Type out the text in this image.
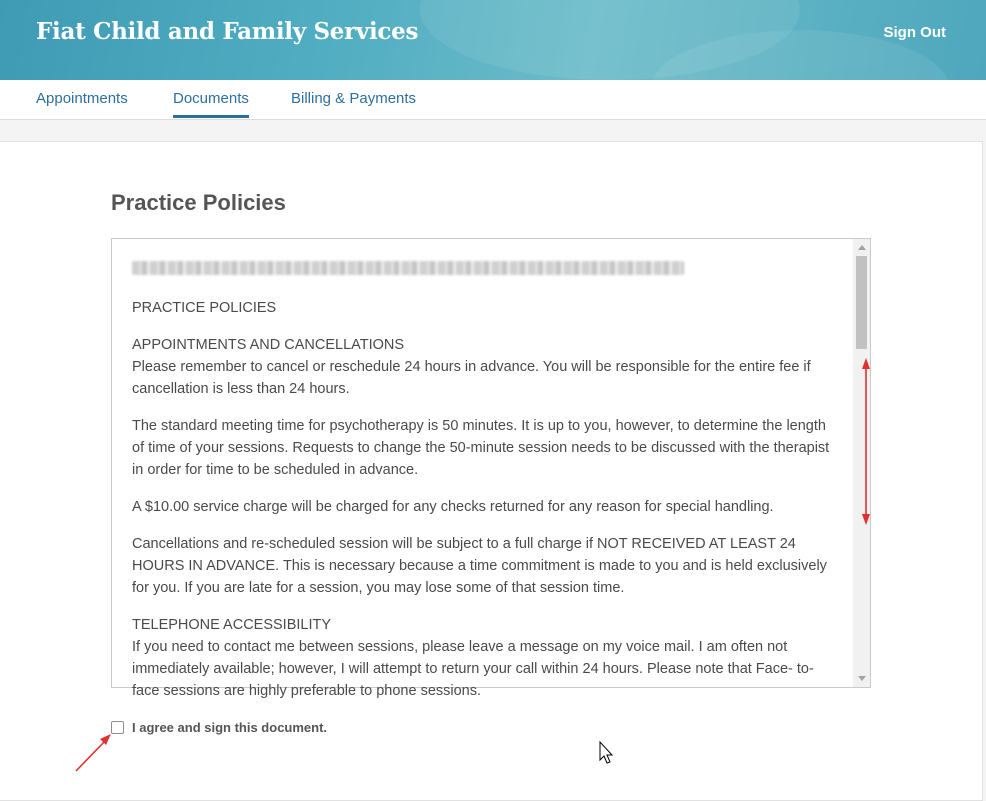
Fiat Child and Family Services	Sign Out
Appointments	Documents	Billing & Payments
Practice Policies

PRACTICE POLICIES

APPOINTMENTS AND CANCELLATIONS

Please remember to cancel or reschedule 24 hours in advance. You will be responsible for the entire fee if cancellation is less than 24 hours.

The standard meeting time for psychotherapy is 50 minutes. It is up to you, however, to determine the length of time of your sessions. Requests to change the 50-minute session needs to be discussed with the therapist in order for time to be scheduled in advance.

A $10.00 service charge will be charged for any checks returned for any reason for special handling.

Cancellations and re-scheduled session will be subject to a full charge if NOT RECEIVED AT LEAST 24 HOURS IN ADVANCE. This is necessary because a time commitment is made to you and is held exclusively for you. If you are late for a session, you may lose some of that session time.

TELEPHONE ACCESSIBILITY

If you need to contact me between sessions, please leave a message on my voice mail. I am often not immediately available; however, I will attempt to return your call within 24 hours. Please note that Face- to-face sessions are highly preferable to phone sessions.

I agree and sign this document.
